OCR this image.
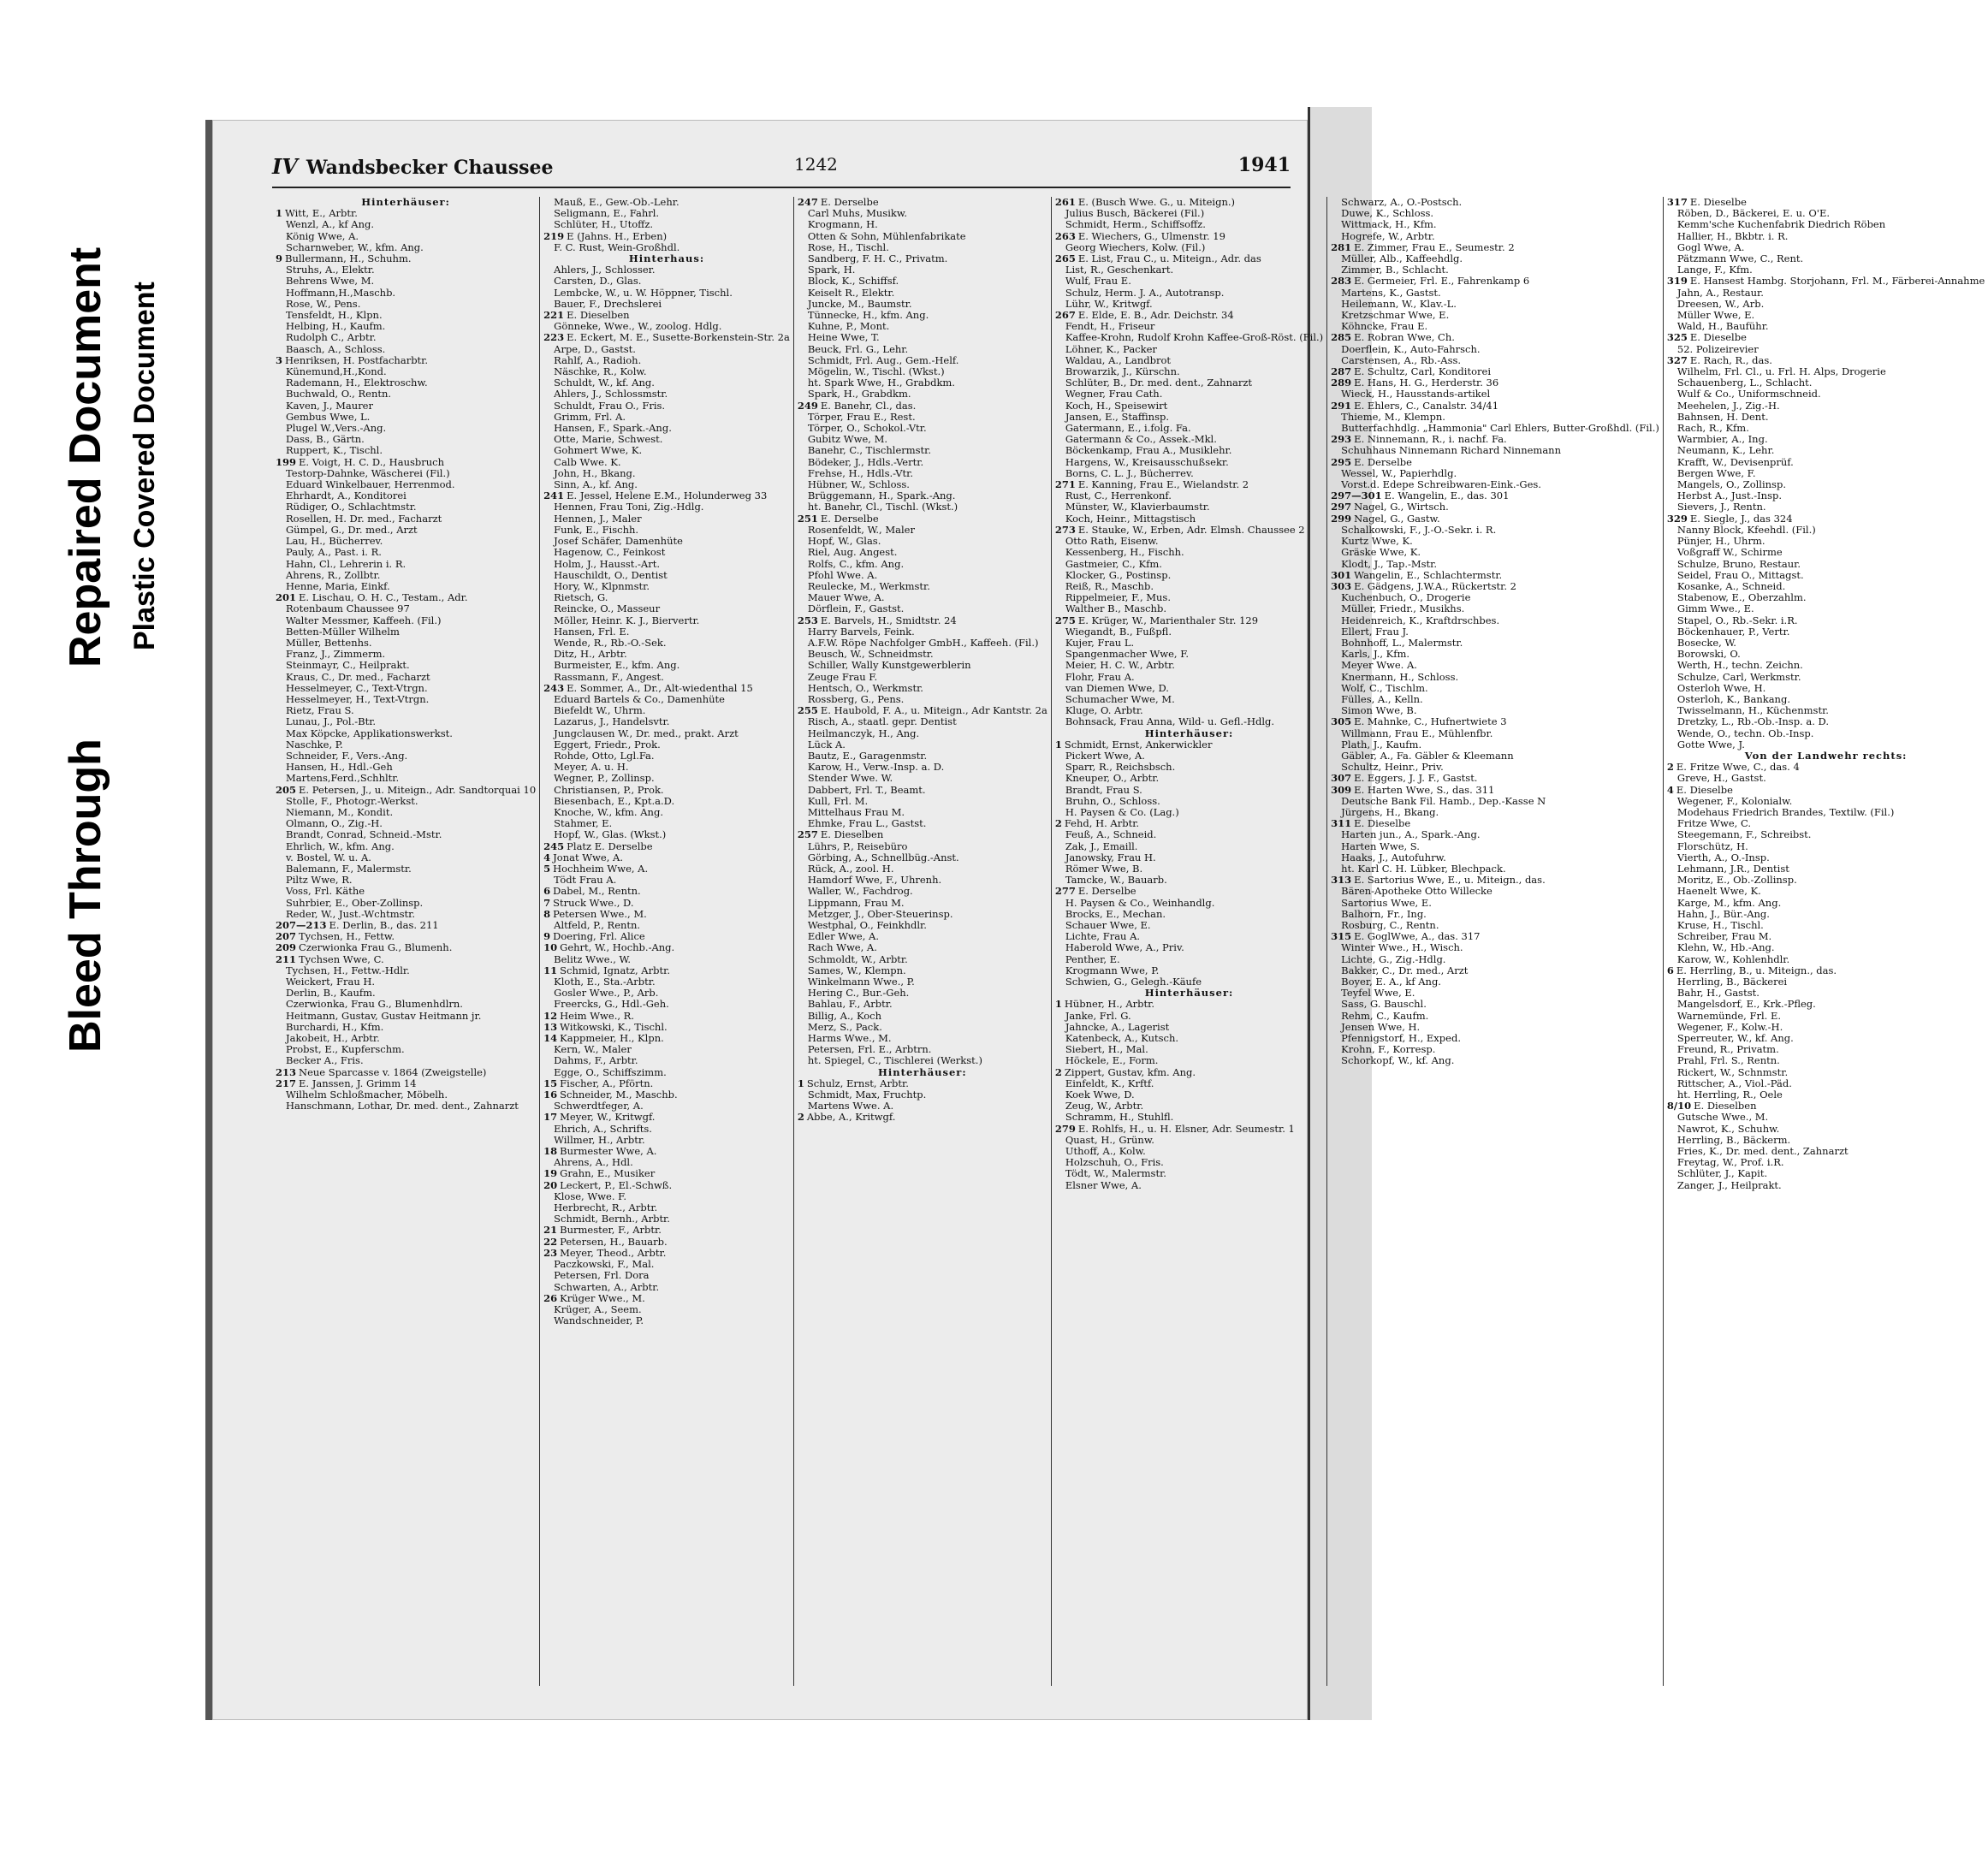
Bleed Through
Repaired Document Plastic Covered Document
IV Wandsbecker Chaussee	1242	1941
Hinterhäuser:
1 Witt, E., Arbtr.
Wenzl, A., kf Ang.
König Wwe, A.
Scharnweber, W., kfm. Ang.
9 Bullermann, H., Schuhm.
Struhs, A., Elektr.
Behrens Wwe, M.
Hoffmann,H.,Maschb.
Rose, W., Pens.
Tensfeldt, H., Klpn.
Helbing, H., Kaufm.
Rudolph C., Arbtr.
Baasch, A., Schloss.
3 Henriksen, H. Postfacharbtr.
Künemund,H.,Kond.
Rademann, H., Elektroschw.
Buchwald, O., Rentn.
Kaven, J., Maurer
Gembus Wwe, L.
Plugel W.,Vers.-Ang.
Dass, B., Gärtn.
Ruppert, K., Tischl.
199 E. Voigt, H. C. D., Hausbruch
Testorp-Dahnke, Wäscherei (Fil.)
Eduard Winkelbauer, Herrenmod.
Ehrhardt, A., Konditorei
Rüdiger, O., Schlachtmstr.
Rosellen, H. Dr. med., Facharzt
Gümpel, G., Dr. med., Arzt
Lau, H., Bücherrev.
Pauly, A., Past. i. R.
Hahn, Cl., Lehrerin i. R.
Ahrens, R., Zollbtr.
Henne, Maria, Einkf.
201 E. Lischau, O. H. C., Testam., Adr.
Rotenbaum Chaussee 97
Walter Messmer, Kaffeeh. (Fil.)
Betten-Müller Wilhelm
Müller, Bettenhs.
Franz, J., Zimmerm.
Steinmayr, C., Heilprakt.
Kraus, C., Dr. med., Facharzt
Hesselmeyer, C., Text-Vtrgn.
Hesselmeyer, H., Text-Vtrgn.
Rietz, Frau S.
Lunau, J., Pol.-Btr.
Max Köpcke, Applikationswerkst.
Naschke, P.
Schneider, F., Vers.-Ang.
Hansen, H., Hdl.-Geh
Martens,Ferd.,Schhltr.
205 E. Petersen, J., u. Miteign., Adr. Sandtorquai 10
Stolle, F., Photogr.-Werkst.
Niemann, M., Kondit.
Olmann, O., Zig.-H.
Brandt, Conrad, Schneid.-Mstr.
Ehrlich, W., kfm. Ang.
v. Bostel, W. u. A.
Balemann, F., Malermstr.
Piltz Wwe, R.
Voss, Frl. Käthe
Suhrbier, E., Ober-Zollinsp.
Reder, W., Just.-Wchtmstr.
207—213 E. Derlin, B., das. 211
207 Tychsen, H., Fettw.
209 Czerwionka Frau G., Blumenh.
211 Tychsen Wwe, C.
Tychsen, H., Fettw.-Hdlr.
Weickert, Frau H.
Derlin, B., Kaufm.
Czerwionka, Frau G., Blumenhdlrn.
Heitmann, Gustav, Gustav Heitmann jr.
Burchardi, H., Kfm.
Jakobeit, H., Arbtr.
Probst, E., Kupferschm.
Becker A., Fris.
213 Neue Sparcasse v. 1864 (Zweigstelle)
217 E. Janssen, J. Grimm 14
Wilhelm Schloßmacher, Möbelh.
Hanschmann, Lothar, Dr. med. dent., Zahnarzt
Mauß, E., Gew.-Ob.-Lehr.
Seligmann, E., Fahrl.
Schlüter, H., Utoffz.
219 E (Jahns. H., Erben)
F. C. Rust, Wein-Großhdl.
Hinterhaus:
Ahlers, J., Schlosser.
Carsten, D., Glas.
Lembcke, W., u. W. Höppner, Tischl.
Bauer, F., Drechslerei
221 E. Dieselben
Gönneke, Wwe., W., zoolog. Hdlg.
223 E. Eckert, M. E., Susette-Borkenstein-Str. 2a
Arpe, D., Gastst.
Rahlf, A., Radioh.
Näschke, R., Kolw.
Schuldt, W., kf. Ang.
Ahlers, J., Schlossmstr.
Schuldt, Frau O., Fris.
Grimm, Frl. A.
Hansen, F., Spark.-Ang.
Otte, Marie, Schwest.
Gohmert Wwe, K.
Calb Wwe. K.
John, H., Bkang.
Sinn, A., kf. Ang.
241 E. Jessel, Helene E.M., Holunderweg 33
Hennen, Frau Toni, Zig.-Hdlg.
Hennen, J., Maler
Funk, E., Fischh.
Josef Schäfer, Damenhüte
Hagenow, C., Feinkost
Holm, J., Hausst.-Art.
Hauschildt, O., Dentist
Hory, W., Klpnmstr.
Rietsch, G.
Reincke, O., Masseur
Möller, Heinr. K. J., Biervertr.
Hansen, Frl. E.
Wende, R., Rb.-O.-Sek.
Ditz, H., Arbtr.
Burmeister, E., kfm. Ang.
Rassmann, F., Angest.
243 E. Sommer, A., Dr., Alt-wiedenthal 15
Eduard Bartels & Co., Damenhüte
Biefeldt W., Uhrm.
Lazarus, J., Handelsvtr.
Jungclausen W., Dr. med., prakt. Arzt
Eggert, Friedr., Prok.
Rohde, Otto, Lgl.Fa.
Meyer, A. u. H.
Wegner, P., Zollinsp.
Christiansen, P., Prok.
Biesenbach, E., Kpt.a.D.
Knoche, W., kfm. Ang.
Stahmer, E.
Hopf, W., Glas. (Wkst.)
245 Platz E. Derselbe
4 Jonat Wwe, A.
5 Hochheim Wwe, A.
Tödt Frau A.
6 Dabel, M., Rentn.
7 Struck Wwe., D.
8 Petersen Wwe., M.
Altfeld, P., Rentn.
9 Doering, Frl. Alice
10 Gehrt, W., Hochb.-Ang.
Belitz Wwe., W.
11 Schmid, Ignatz, Arbtr.
Kloth, E., Sta.-Arbtr.
Gosler Wwe., P., Arb.
Freercks, G., Hdl.-Geh.
12 Heim Wwe., R.
13 Witkowski, K., Tischl.
14 Kappmeier, H., Klpn.
Kern, W., Maler
Dahms, F., Arbtr.
Egge, O., Schiffszimm.
15 Fischer, A., Pförtn.
16 Schneider, M., Maschb.
Schwerdtfeger, A.
17 Meyer, W., Kritwgf.
Ehrich, A., Schrifts.
Willmer, H., Arbtr.
18 Burmester Wwe, A.
Ahrens, A., Hdl.
19 Grahn, E., Musiker
20 Leckert, P., El.-Schwß.
Klose, Wwe. F.
Herbrecht, R., Arbtr.
Schmidt, Bernh., Arbtr.
21 Burmester, F., Arbtr.
22 Petersen, H., Bauarb.
23 Meyer, Theod., Arbtr.
Paczkowski, F., Mal.
Petersen, Frl. Dora
Schwarten, A., Arbtr.
26 Krüger Wwe., M.
Krüger, A., Seem.
Wandschneider, P.
247 E. Derselbe
Carl Muhs, Musikw.
Krogmann, H.
Otten & Sohn, Mühlenfabrikate
Rose, H., Tischl.
Sandberg, F. H. C., Privatm.
Spark, H.
Block, K., Schiffsf.
Keiselt R., Elektr.
Juncke, M., Baumstr.
Tünnecke, H., kfm. Ang.
Kuhne, P., Mont.
Heine Wwe, T.
Beuck, Frl. G., Lehr.
Schmidt, Frl. Aug., Gem.-Helf.
Mögelin, W., Tischl. (Wkst.)
ht. Spark Wwe, H., Grabdkm.
Spark, H., Grabdkm.
249 E. Banehr, Cl., das.
Törper, Frau E., Rest.
Törper, O., Schokol.-Vtr.
Gubitz Wwe, M.
Banehr, C., Tischlermstr.
Bödeker, J., Hdls.-Vertr.
Frehse, H., Hdls.-Vtr.
Hübner, W., Schloss.
Brüggemann, H., Spark.-Ang.
ht. Banehr, Cl., Tischl. (Wkst.)
251 E. Derselbe
Rosenfeldt, W., Maler
Hopf, W., Glas.
Riel, Aug. Angest.
Rolfs, C., kfm. Ang.
Pfohl Wwe. A.
Reulecke, M., Werkmstr.
Mauer Wwe, A.
Dörflein, F., Gastst.
253 E. Barvels, H., Smidtstr. 24
Harry Barvels, Feink.
A.F.W. Röpe Nachfolger GmbH., Kaffeeh. (Fil.)
Beusch, W., Schneidmstr.
Schiller, Wally Kunstgewerblerin
Zeuge Frau F.
Hentsch, O., Werkmstr.
Rossberg, G., Pens.
255 E. Haubold, F. A., u. Miteign., Adr Kantstr. 2a
Risch, A., staatl. gepr. Dentist
Heilmanczyk, H., Ang.
Lück A.
Bautz, E., Garagenmstr.
Karow, H., Verw.-Insp. a. D.
Stender Wwe. W.
Dabbert, Frl. T., Beamt.
Kull, Frl. M.
Mittelhaus Frau M.
Ehmke, Frau L., Gastst.
257 E. Dieselben
Lührs, P., Reisebüro
Görbing, A., Schnellbüg.-Anst.
Rück, A., zool. H.
Hamdorf Wwe, F., Uhrenh.
Waller, W., Fachdrog.
Lippmann, Frau M.
Metzger, J., Ober-Steuerinsp.
Westphal, O., Feinkhdlr.
Edler Wwe, A.
Rach Wwe, A.
Schmoldt, W., Arbtr.
Sames, W., Klempn.
Winkelmann Wwe., P.
Hering C., Bur.-Geh.
Bahlau, F., Arbtr.
Billig, A., Koch
Merz, S., Pack.
Harms Wwe., M.
Petersen, Frl. E., Arbtrn.
ht. Spiegel, C., Tischlerei (Werkst.)
Hinterhäuser:
1 Schulz, Ernst, Arbtr.
Schmidt, Max, Fruchtp.
Martens Wwe. A.
2 Abbe, A., Kritwgf.
261 E. (Busch Wwe. G., u. Miteign.)
Julius Busch, Bäckerei (Fil.)
Schmidt, Herm., Schiffsoffz.
263 E. Wiechers, G., Ulmenstr. 19
Georg Wiechers, Kolw. (Fil.)
265 E. List, Frau C., u. Miteign., Adr. das
List, R., Geschenkart.
Wulf, Frau E.
Schulz, Herm. J. A., Autotransp.
Lühr, W., Kritwgf.
267 E. Elde, E. B., Adr. Deichstr. 34
Fendt, H., Friseur
Kaffee-Krohn, Rudolf Krohn Kaffee-Groß-Röst. (Fil.)
Löhner, K., Packer
Waldau, A., Landbrot
Browarzik, J., Kürschn.
Schlüter, B., Dr. med. dent., Zahnarzt
Wegner, Frau Cath.
Koch, H., Speisewirt
Jansen, E., Staffinsp.
Gatermann, E., i.folg. Fa.
Gatermann & Co., Assek.-Mkl.
Böckenkamp, Frau A., Musiklehr.
Hargens, W., Kreisausschußsekr.
Borns, C. L. J., Bücherrev.
271 E. Kanning, Frau E., Wielandstr. 2
Rust, C., Herrenkonf.
Münster, W., Klavierbaumstr.
Koch, Heinr., Mittagstisch
273 E. Stauke, W., Erben, Adr. Elmsh. Chaussee 2
Otto Rath, Eisenw.
Kessenberg, H., Fischh.
Gastmeier, C., Kfm.
Klocker, G., Postinsp.
Reiß, R., Maschb.
Rippelmeier, F., Mus.
Walther B., Maschb.
275 E. Krüger, W., Marienthaler Str. 129
Wiegandt, B., Fußpfl.
Kujer, Frau L.
Spangenmacher Wwe, F.
Meier, H. C. W., Arbtr.
Flohr, Frau A.
van Diemen Wwe, D.
Schumacher Wwe, M.
Kluge, O. Arbtr.
Bohnsack, Frau Anna, Wild- u. Gefl.-Hdlg.
Hinterhäuser:
1 Schmidt, Ernst, Ankerwickler
Pickert Wwe, A.
Sparr, R., Reichsbsch.
Kneuper, O., Arbtr.
Brandt, Frau S.
Bruhn, O., Schloss.
H. Paysen & Co. (Lag.)
2 Fehd, H. Arbtr.
Feuß, A., Schneid.
Zak, J., Emaill.
Janowsky, Frau H.
Römer Wwe, B.
Tamcke, W., Bauarb.
277 E. Derselbe
H. Paysen & Co., Weinhandlg.
Brocks, E., Mechan.
Schauer Wwe, E.
Lichte, Frau A.
Haberold Wwe, A., Priv.
Penther, E.
Krogmann Wwe, P.
Schwien, G., Gelegh.-Käufe
Hinterhäuser:
1 Hübner, H., Arbtr.
Janke, Frl. G.
Jahncke, A., Lagerist
Katenbeck, A., Kutsch.
Siebert, H., Mal.
Höckele, E., Form.
2 Zippert, Gustav, kfm. Ang.
Einfeldt, K., Krftf.
Koek Wwe, D.
Zeug, W., Arbtr.
Schramm, H., Stuhlfl.
279 E. Rohlfs, H., u. H. Elsner, Adr. Seumestr. 1
Quast, H., Grünw.
Uthoff, A., Kolw.
Holzschuh, O., Fris.
Tödt, W., Malermstr.
Elsner Wwe, A.
Schwarz, A., O.-Postsch.
Duwe, K., Schloss.
Wittmack, H., Kfm.
Hogrefe, W., Arbtr.
281 E. Zimmer, Frau E., Seumestr. 2
Müller, Alb., Kaffeehdlg.
Zimmer, B., Schlacht.
283 E. Germeier, Frl. E., Fahrenkamp 6
Martens, K., Gastst.
Heilemann, W., Klav.-L.
Kretzschmar Wwe, E.
Köhncke, Frau E.
285 E. Robran Wwe, Ch.
Doerflein, K., Auto-Fahrsch.
Carstensen, A., Rb.-Ass.
287 E. Schultz, Carl, Konditorei
289 E. Hans, H. G., Herderstr. 36
Wieck, H., Hausstands-artikel
291 E. Ehlers, C., Canalstr. 34/41
Thieme, M., Klempn.
Butterfachhdlg. „Hammonia" Carl Ehlers, Butter-Großhdl. (Fil.)
293 E. Ninnemann, R., i. nachf. Fa.
Schuhhaus Ninnemann Richard Ninnemann
295 E. Derselbe
Wessel, W., Papierhdlg.
Vorst.d. Edepe Schreibwaren-Eink.-Ges.
297—301 E. Wangelin, E., das. 301
297 Nagel, G., Wirtsch.
299 Nagel, G., Gastw.
Schalkowski, F., J.-O.-Sekr. i. R.
Kurtz Wwe, K.
Gräske Wwe, K.
Klodt, J., Tap.-Mstr.
301 Wangelin, E., Schlachtermstr.
303 E. Gädgens, J.W.A., Rückertstr. 2
Kuchenbuch, O., Drogerie
Müller, Friedr., Musikhs.
Heidenreich, K., Kraftdrschbes.
Ellert, Frau J.
Bohnhoff, L., Malermstr.
Karls, J., Kfm.
Meyer Wwe. A.
Knermann, H., Schloss.
Wolf, C., Tischlm.
Fülles, A., Kelln.
Simon Wwe, B.
305 E. Mahnke, C., Hufnertwiete 3
Willmann, Frau E., Mühlenfbr.
Plath, J., Kaufm.
Gäbler, A., Fa. Gäbler & Kleemann
Schultz, Heinr., Priv.
307 E. Eggers, J. J. F., Gastst.
309 E. Harten Wwe, S., das. 311
Deutsche Bank Fil. Hamb., Dep.-Kasse N
Jürgens, H., Bkang.
311 E. Dieselbe
Harten jun., A., Spark.-Ang.
Harten Wwe, S.
Haaks, J., Autofuhrw.
ht. Karl C. H. Lübker, Blechpack.
313 E. Sartorius Wwe, E., u. Miteign., das.
Bären-Apotheke Otto Willecke
Sartorius Wwe, E.
Balhorn, Fr., Ing.
Rosburg, C., Rentn.
315 E. GoglWwe, A., das. 317
Winter Wwe., H., Wisch.
Lichte, G., Zig.-Hdlg.
Bakker, C., Dr. med., Arzt
Boyer, E. A., kf Ang.
Teyfel Wwe, E.
Sass, G. Bauschl.
Rehm, C., Kaufm.
Jensen Wwe, H.
Pfennigstorf, H., Exped.
Krohn, F., Korresp.
Schorkopf, W., kf. Ang.
317 E. Dieselbe
Röben, D., Bäckerei, E. u. O'E.
Kemm'sche Kuchenfabrik Diedrich Röben
Hallier, H., Bkbtr. i. R.
Gogl Wwe, A.
Pätzmann Wwe, C., Rent.
Lange, F., Kfm.
319 E. Hansest Hambg. Storjohann, Frl. M., Färberei-Annahme
Jahn, A., Restaur.
Dreesen, W., Arb.
Müller Wwe, E.
Wald, H., Bauführ.
325 E. Dieselbe
52. Polizeirevier
327 E. Rach, R., das.
Wilhelm, Frl. Cl., u. Frl. H. Alps, Drogerie
Schauenberg, L., Schlacht.
Wulf & Co., Uniformschneid.
Meehelen, J., Zig.-H.
Bahnsen, H. Dent.
Rach, R., Kfm.
Warmbier, A., Ing.
Neumann, K., Lehr.
Krafft, W., Devisenprüf.
Bergen Wwe, F.
Mangels, O., Zollinsp.
Herbst A., Just.-Insp.
Sievers, J., Rentn.
329 E. Siegle, J., das 324
Nanny Block, Kfeehdl. (Fil.)
Pünjer, H., Uhrm.
Voßgraff W., Schirme
Schulze, Bruno, Restaur.
Seidel, Frau O., Mittagst.
Kosanke, A., Schneid.
Stabenow, E., Oberzahlm.
Gimm Wwe., E.
Stapel, O., Rb.-Sekr. i.R.
Böckenhauer, P., Vertr.
Bosecke, W.
Borowski, O.
Werth, H., techn. Zeichn.
Schulze, Carl, Werkmstr.
Osterloh Wwe, H.
Osterloh, K., Bankang.
Twisselmann, H., Küchenmstr.
Dretzky, L., Rb.-Ob.-Insp. a. D.
Wende, O., techn. Ob.-Insp.
Gotte Wwe, J.
Von der Landwehr rechts:
2 E. Fritze Wwe, C., das. 4
Greve, H., Gastst.
4 E. Dieselbe
Wegener, F., Kolonialw.
Modehaus Friedrich Brandes, Textilw. (Fil.)
Fritze Wwe, C.
Steegemann, F., Schreibst.
Florschütz, H.
Vierth, A., O.-Insp.
Lehmann, J.R., Dentist
Moritz, E., Ob.-Zollinsp.
Haenelt Wwe, K.
Karge, M., kfm. Ang.
Hahn, J., Bür.-Ang.
Kruse, H., Tischl.
Schreiber, Frau M.
Klehn, W., Hb.-Ang.
Karow, W., Kohlenhdlr.
6 E. Herrling, B., u. Miteign., das.
Herrling, B., Bäckerei
Bahr, H., Gastst.
Mangelsdorf, E., Krk.-Pfleg.
Warnemünde, Frl. E.
Wegener, F., Kolw.-H.
Sperreuter, W., kf. Ang.
Freund, R., Privatm.
Prahl, Frl. S., Rentn.
Rickert, W., Schnmstr.
Rittscher, A., Viol.-Päd.
ht. Herrling, R., Oele
8/10 E. Dieselben
Gutsche Wwe., M.
Nawrot, K., Schuhw.
Herrling, B., Bäckerm.
Fries, K., Dr. med. dent., Zahnarzt
Freytag, W., Prof. i.R.
Schlüter, J., Kapit.
Zanger, J., Heilprakt.
